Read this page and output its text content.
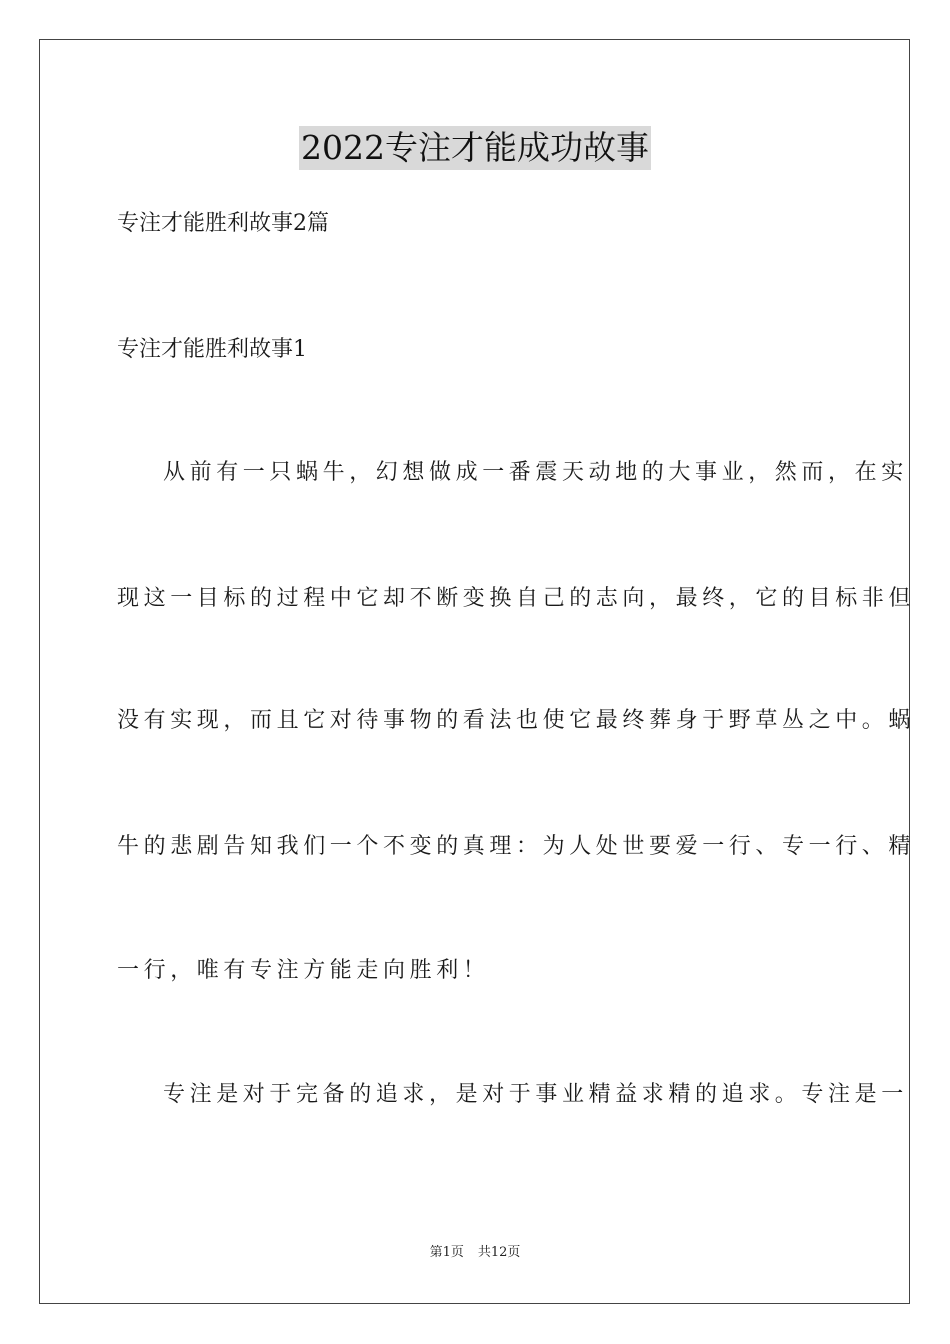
2022专注才能成功故事
专注才能胜利故事2篇
专注才能胜利故事1
从前有一只蜗牛，幻想做成一番震天动地的大事业，然而，在实
现这一目标的过程中它却不断变换自己的志向，最终，它的目标非但
没有实现，而且它对待事物的看法也使它最终葬身于野草丛之中。蜗
牛的悲剧告知我们一个不变的真理：为人处世要爱一行、专一行、精
一行，唯有专注方能走向胜利！
专注是对于完备的追求，是对于事业精益求精的追求。专注是一
第1页 共12页
